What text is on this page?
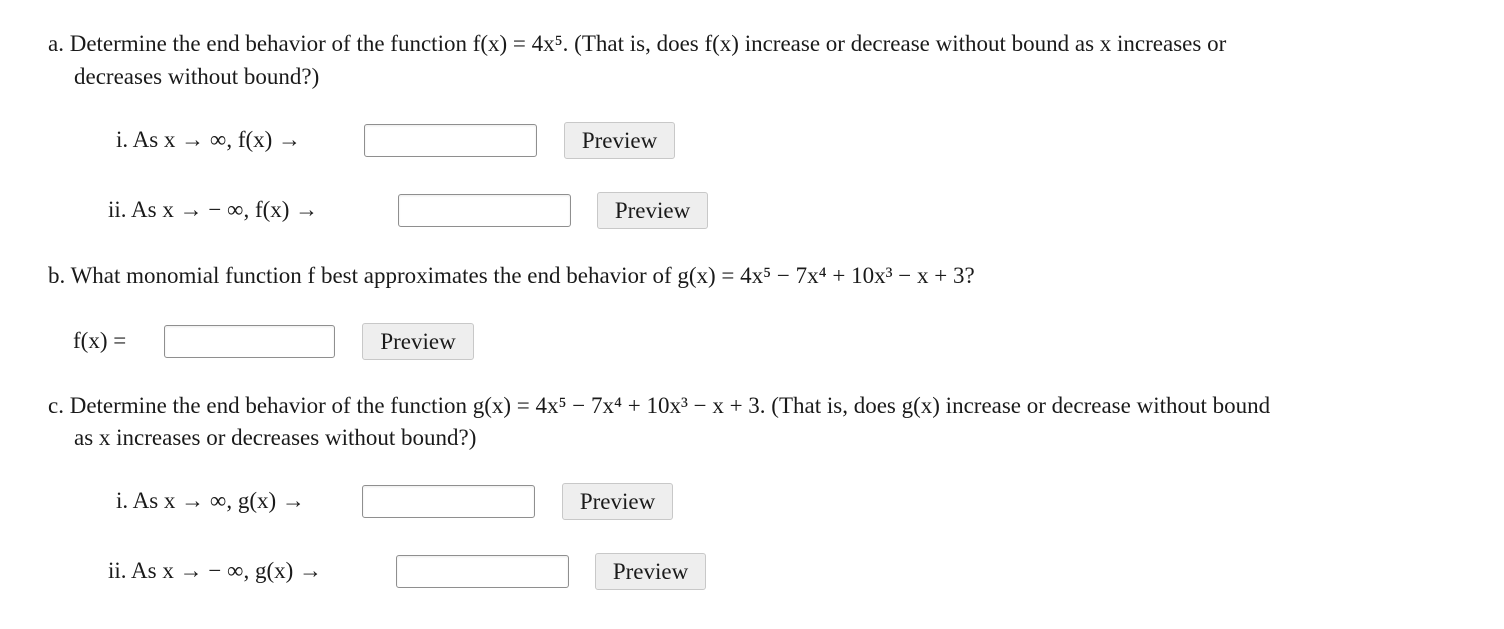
a. Determine the end behavior of the function f(x) = 4x⁵. (That is, does f(x) increase or decrease without bound as x increases or
decreases without bound?)
i. As x → ∞, f(x) →	Preview
ii. As x → − ∞, f(x) →	Preview
b. What monomial function f best approximates the end behavior of g(x) = 4x⁵ − 7x⁴ + 10x³ − x + 3?
f(x) =	Preview
c. Determine the end behavior of the function g(x) = 4x⁵ − 7x⁴ + 10x³ − x + 3. (That is, does g(x) increase or decrease without bound
as x increases or decreases without bound?)
i. As x → ∞, g(x) →	Preview
ii. As x → − ∞, g(x) →	Preview
